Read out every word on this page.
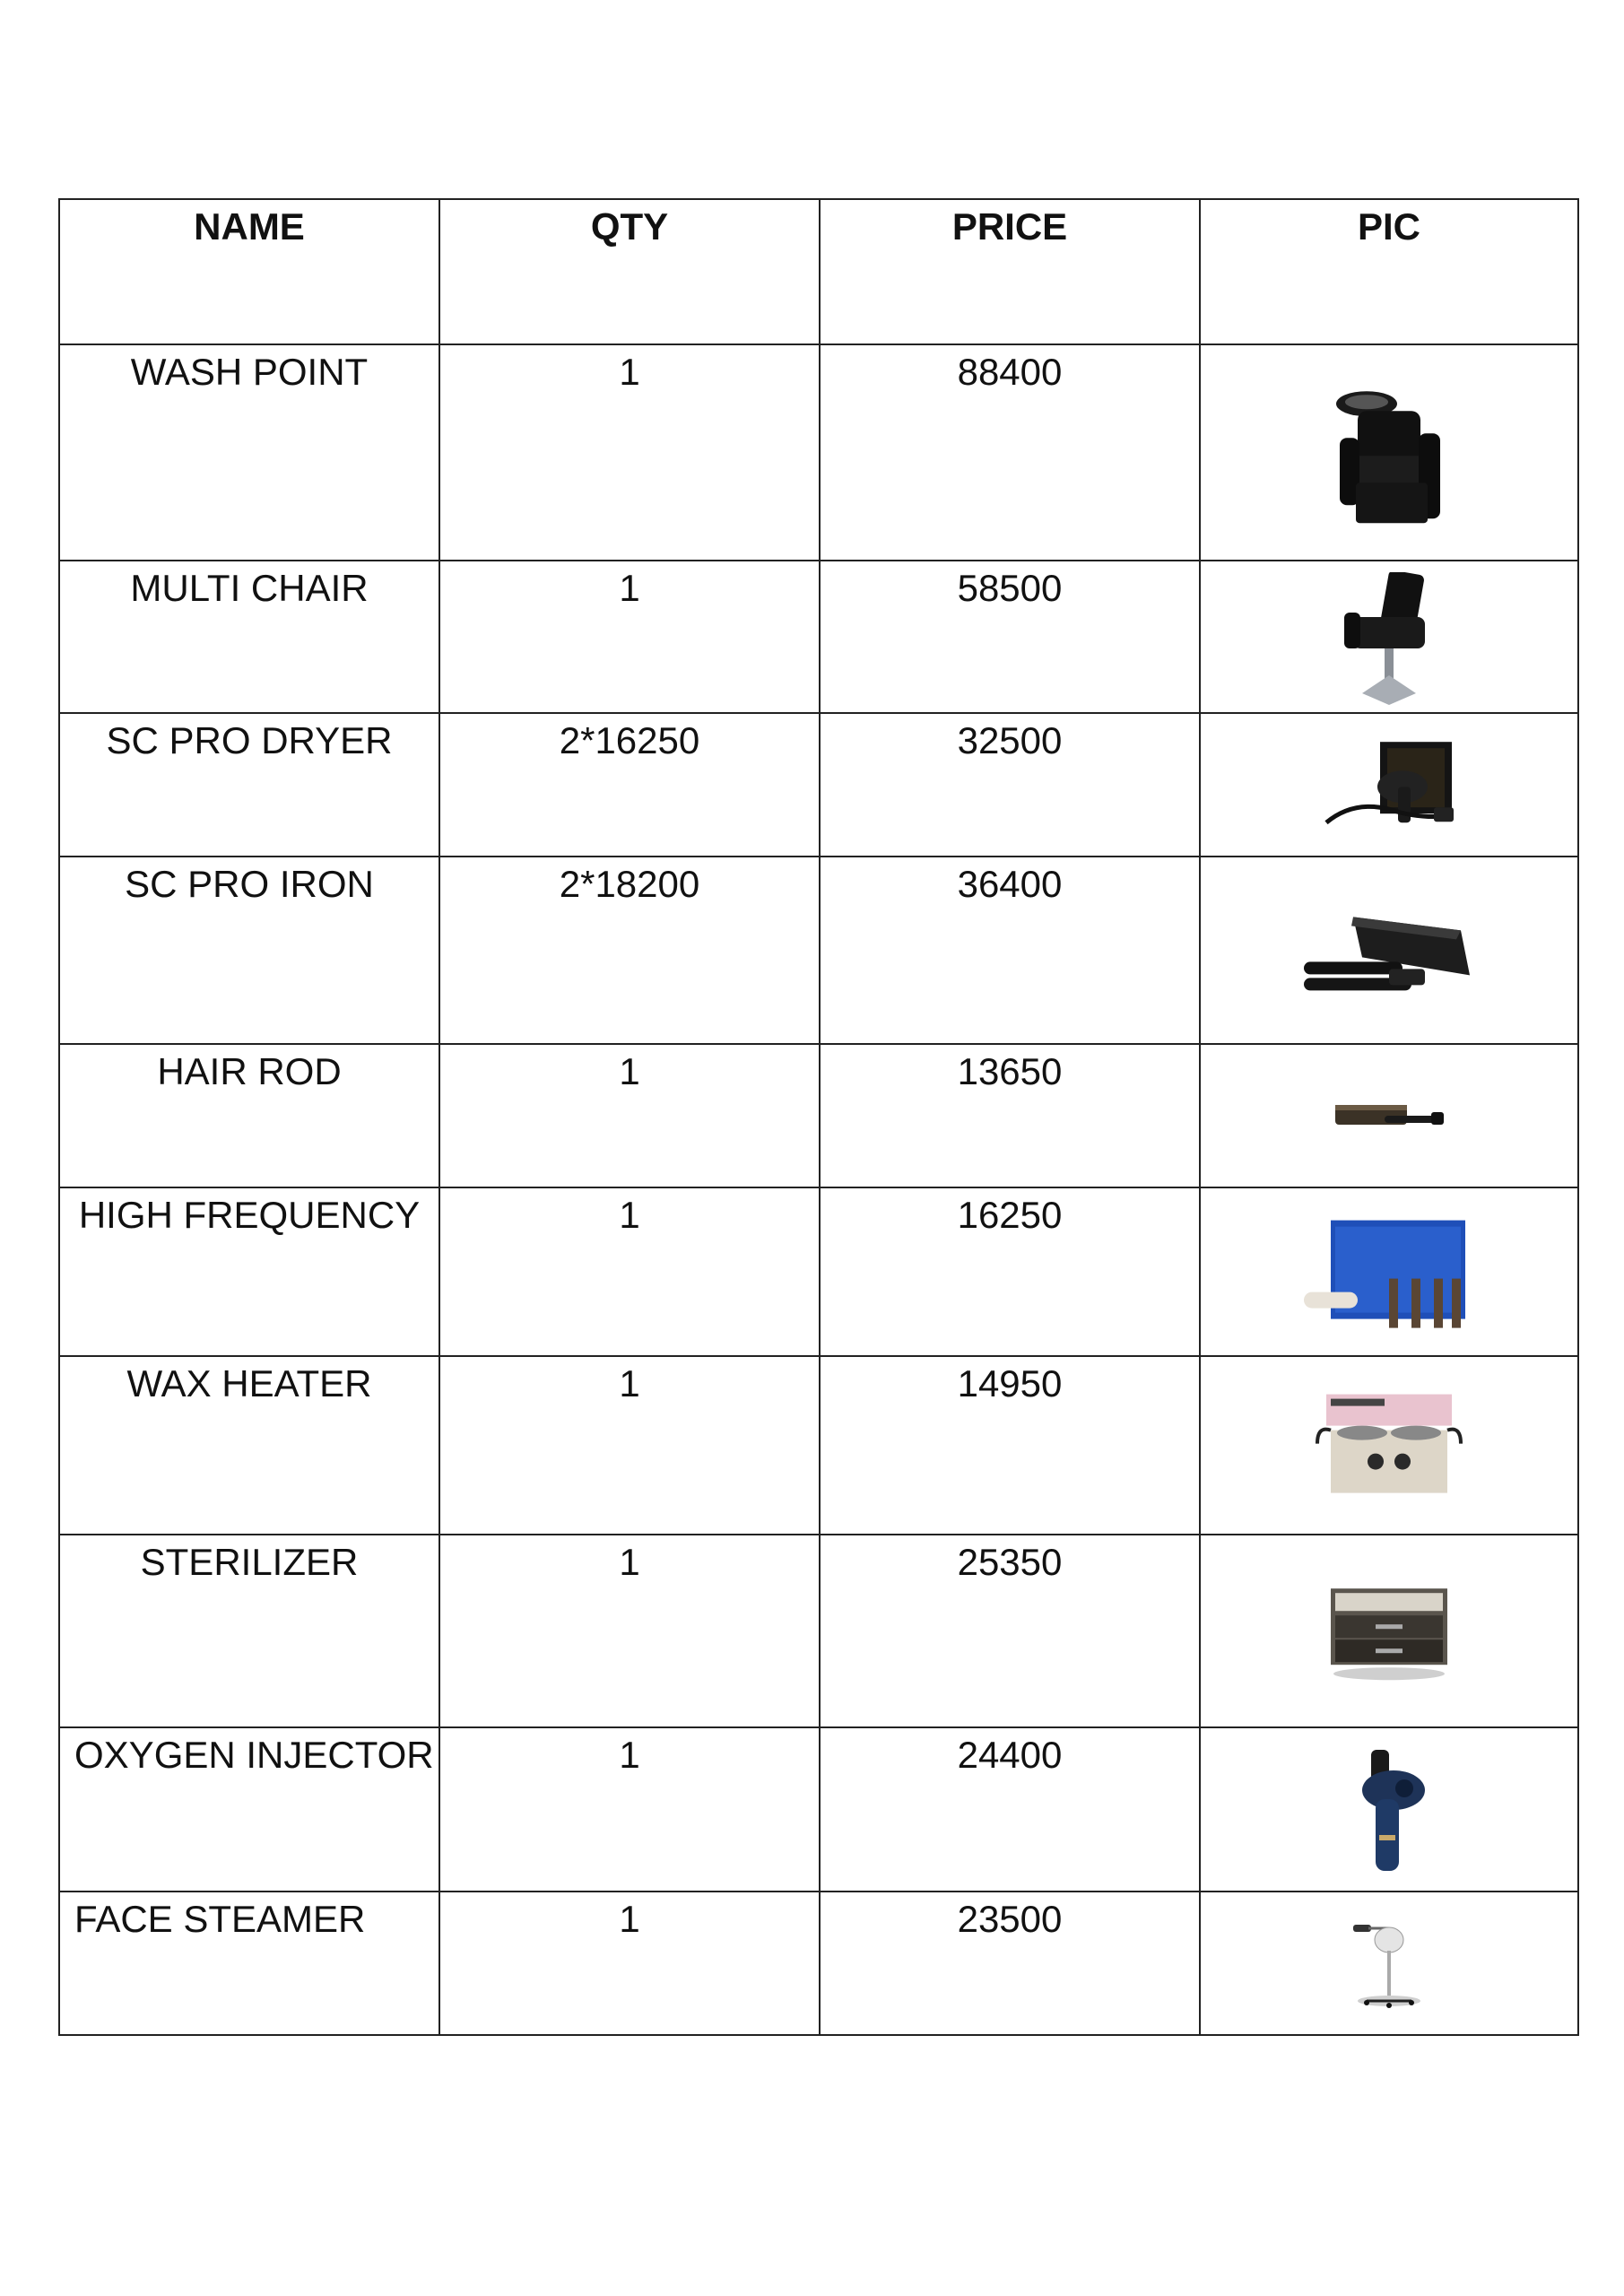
NAME	QTY	PRICE	PIC
WASH POINT	1	88400	

MULTI CHAIR	1	58500	

SC PRO DRYER	2*16250	32500	

SC PRO IRON	2*18200	36400	

HAIR ROD	1	13650	

HIGH FREQUENCY	1	16250	

WAX HEATER	1	14950	

STERILIZER	1	25350	

OXYGEN INJECTOR	1	24400	

FACE STEAMER	1	23500	
